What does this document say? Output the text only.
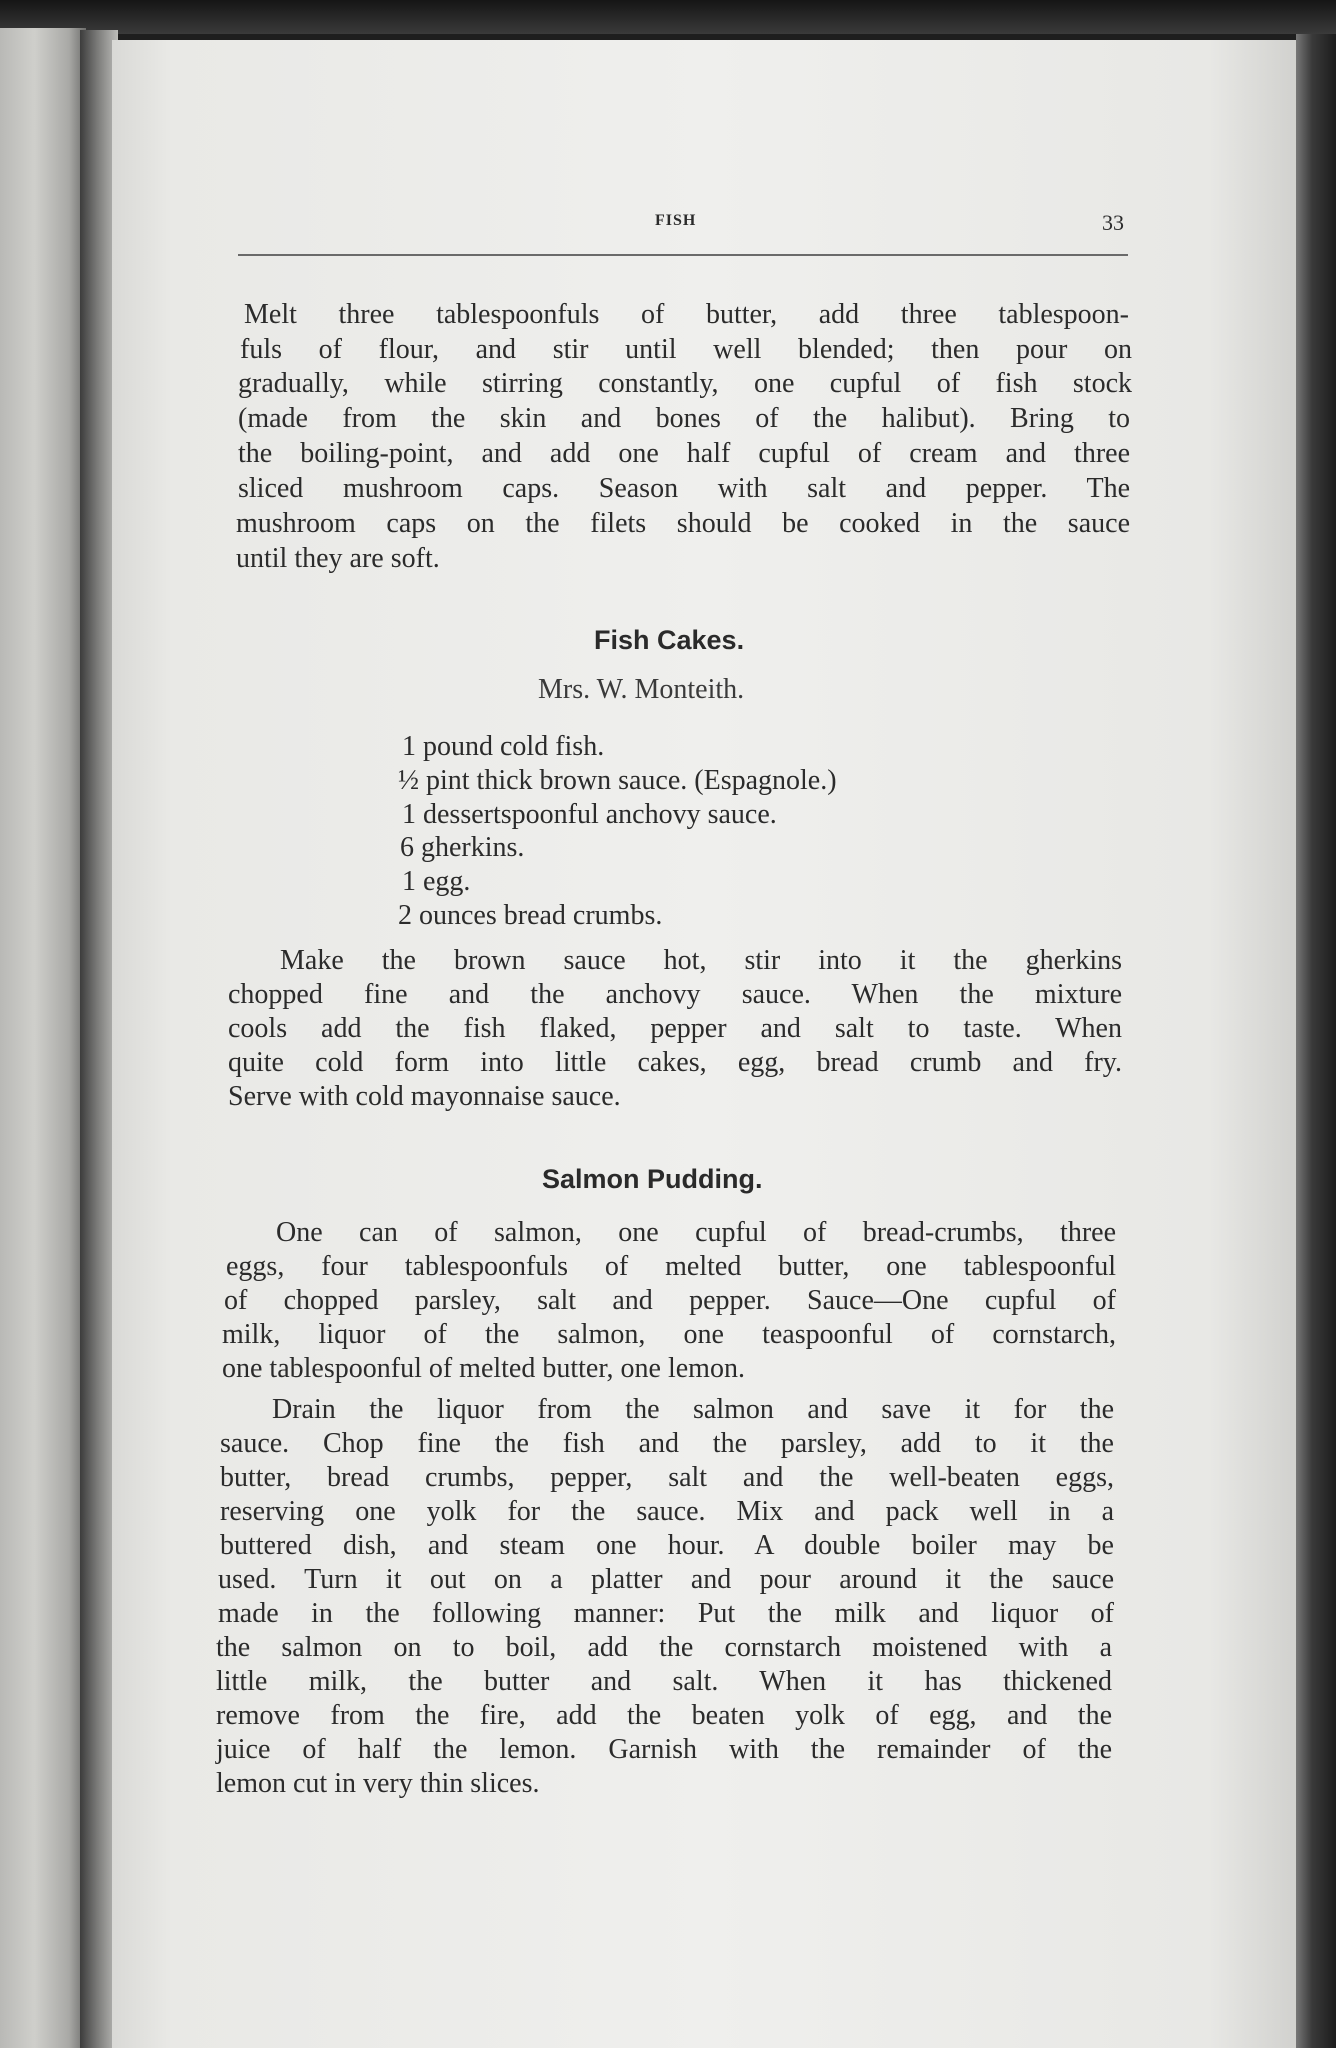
FISH	33
Melt three tablespoonfuls of butter, add three tablespoon-
fuls of flour, and stir until well blended; then pour on
gradually, while stirring constantly, one cupful of fish stock
(made from the skin and bones of the halibut). Bring to
the boiling-point, and add one half cupful of cream and three
sliced mushroom caps. Season with salt and pepper. The
mushroom caps on the filets should be cooked in the sauce
until they are soft.
Fish Cakes.
Mrs. W. Monteith.
1 pound cold fish.
½ pint thick brown sauce. (Espagnole.)
1 dessertspoonful anchovy sauce.
6 gherkins.
1 egg.
2 ounces bread crumbs.
Make the brown sauce hot, stir into it the gherkins
chopped fine and the anchovy sauce. When the mixture
cools add the fish flaked, pepper and salt to taste. When
quite cold form into little cakes, egg, bread crumb and fry.
Serve with cold mayonnaise sauce.
Salmon Pudding.
One can of salmon, one cupful of bread-crumbs, three
eggs, four tablespoonfuls of melted butter, one tablespoonful
of chopped parsley, salt and pepper. Sauce—One cupful of
milk, liquor of the salmon, one teaspoonful of cornstarch,
one tablespoonful of melted butter, one lemon.
Drain the liquor from the salmon and save it for the
sauce. Chop fine the fish and the parsley, add to it the
butter, bread crumbs, pepper, salt and the well-beaten eggs,
reserving one yolk for the sauce. Mix and pack well in a
buttered dish, and steam one hour. A double boiler may be
used. Turn it out on a platter and pour around it the sauce
made in the following manner: Put the milk and liquor of
the salmon on to boil, add the cornstarch moistened with a
little milk, the butter and salt. When it has thickened
remove from the fire, add the beaten yolk of egg, and the
juice of half the lemon. Garnish with the remainder of the
lemon cut in very thin slices.
